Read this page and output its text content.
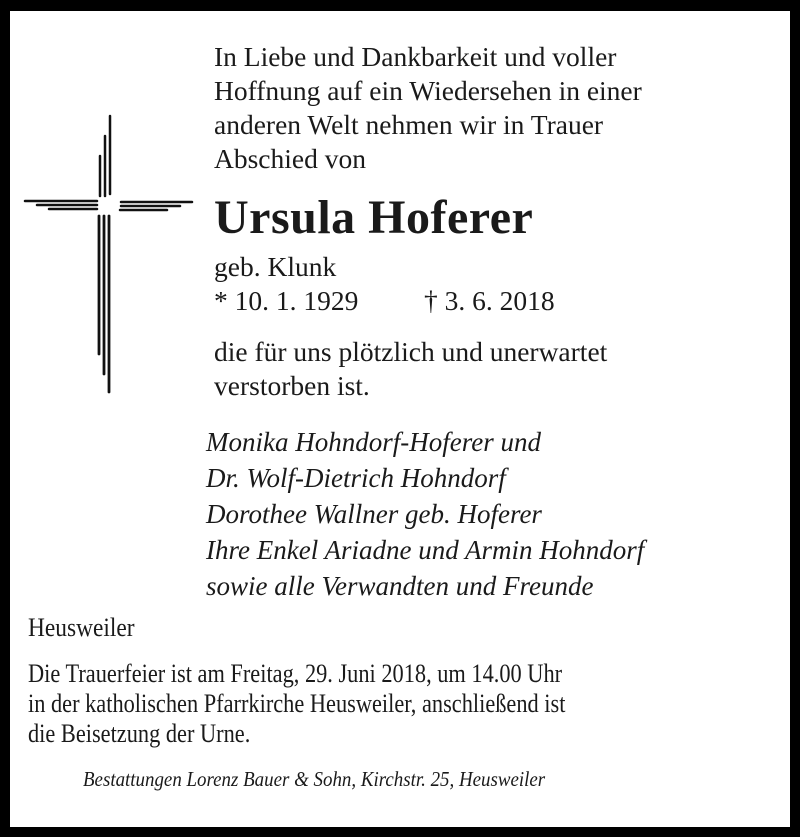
In Liebe und Dankbarkeit und voller
Hoffnung auf ein Wiedersehen in einer
anderen Welt nehmen wir in Trauer
Abschied von
Ursula Hoferer
geb. Klunk
* 10. 1. 1929 † 3. 6. 2018
die für uns plötzlich und unerwartet
verstorben ist.
Monika Hohndorf-Hoferer und
Dr. Wolf-Dietrich Hohndorf
Dorothee Wallner geb. Hoferer
Ihre Enkel Ariadne und Armin Hohndorf
sowie alle Verwandten und Freunde
Heusweiler
Die Trauerfeier ist am Freitag, 29. Juni 2018, um 14.00 Uhr
in der katholischen Pfarrkirche Heusweiler, anschließend ist
die Beisetzung der Urne.
Bestattungen Lorenz Bauer & Sohn, Kirchstr. 25, Heusweiler
